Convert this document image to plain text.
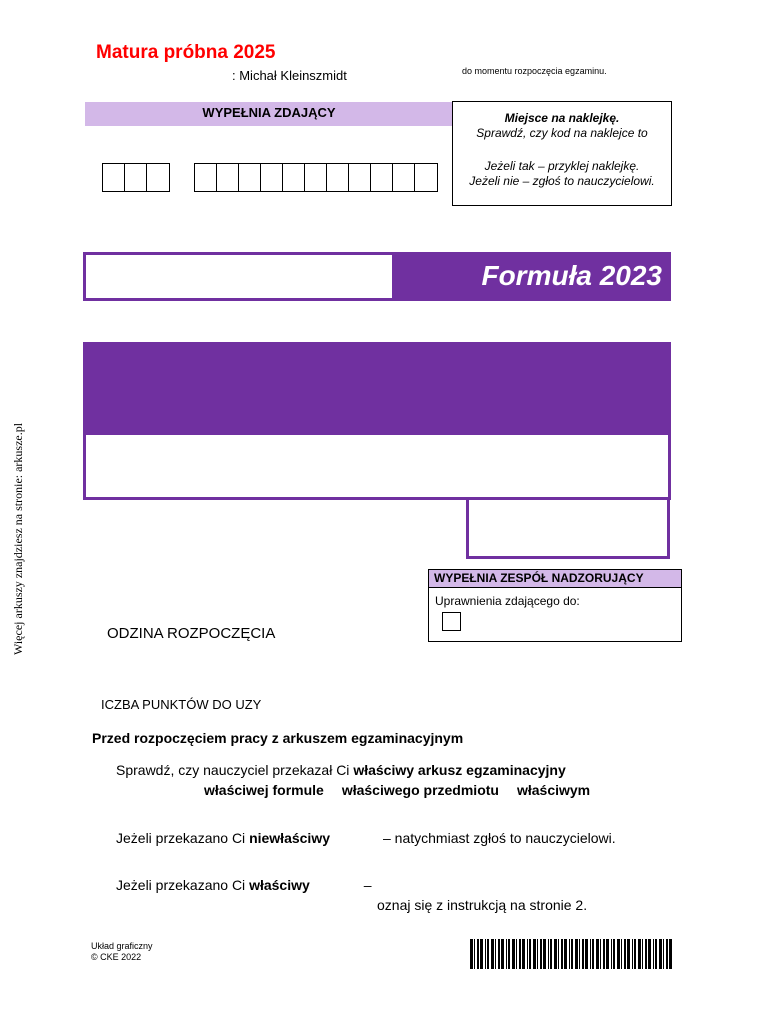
Matura próbna 2025
: Michał Kleinszmidt	do momentu rozpoczęcia egzaminu.
WYPEŁNIA ZDAJĄCY	Miejsce na naklejkę.
Sprawdź, czy kod na naklejce to
Jeżeli tak – przyklej naklejkę.
Jeżeli nie – zgłoś to nauczycielowi.
Formuła 2023
WYPEŁNIA ZESPÓŁ NADZORUJĄCY
Uprawnienia zdającego do:
Więcej arkuszy znajdziesz na stronie: arkusze.pl	ODZINA ROZPOCZĘCIA
ICZBA PUNKTÓW DO UZY
Przed rozpoczęciem pracy z arkuszem egzaminacyjnym
Sprawdź, czy nauczyciel przekazał Ci właściwy arkusz egzaminacyjny
właściwej formule właściwego przedmiotu właściwym
Jeżeli przekazano Ci niewłaściwy	– natychmiast zgłoś to nauczycielowi.
Jeżeli przekazano Ci właściwy	–
oznaj się z instrukcją na stronie 2.
Układ graficzny
© CKE 2022
